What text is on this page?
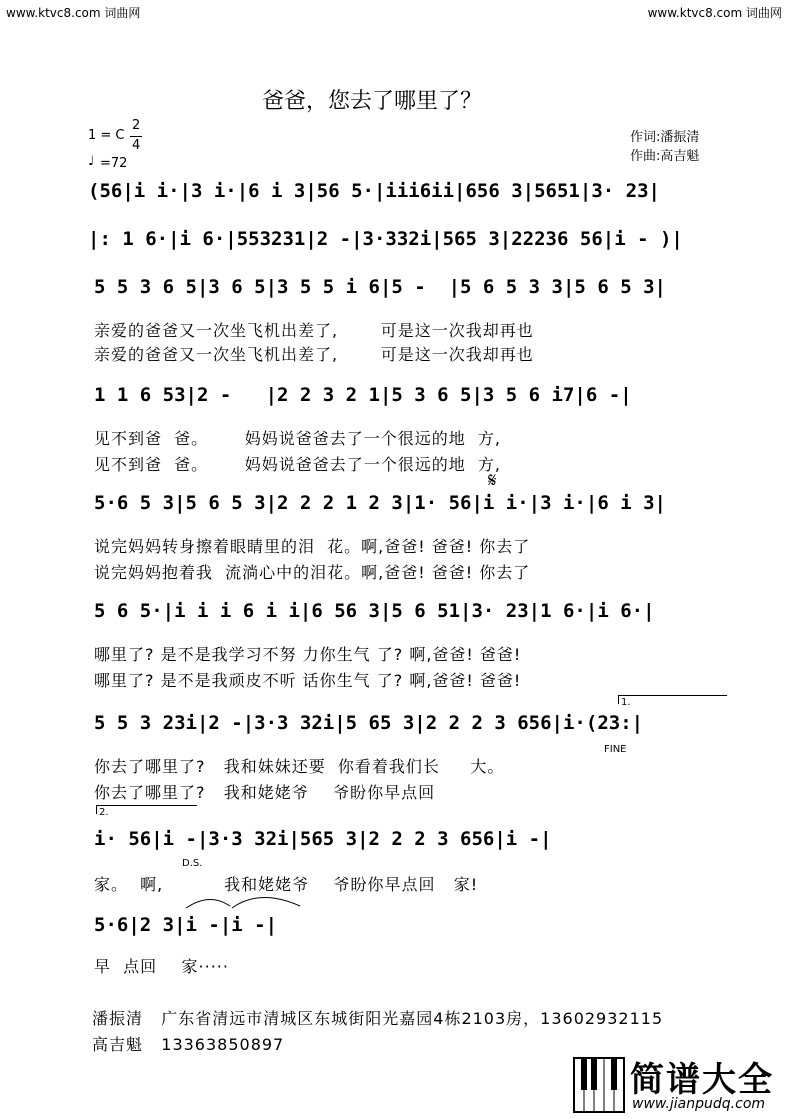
www.ktvc8.com 词曲网	www.ktvc8.com 词曲网
爸爸，您去了哪里了？
1 = C
2
4
♩ =72
作词:潘振清
作曲:高吉魁
(56|i i·|3 i·|6 i 3|56 5·|iii6ii|656 3|5651|3· 23|
|: 1 6·|i 6·|553231|2 -|3·332i|565 3|22236 56|i - )|
5 5 3 6 5|3 6 5|3 5 5 i 6|5 -  |5 6 5 3 3|5 6 5 3|
亲爱的爸爸又一次坐飞机出差了,       可是这一次我却再也
亲爱的爸爸又一次坐飞机出差了,       可是这一次我却再也
1 1 6 53|2 -   |2 2 3 2 1|5 3 6 5|3 5 6 i7|6 -|
见不到爸  爸。      妈妈说爸爸去了一个很远的地  方,
见不到爸  爸。      妈妈说爸爸去了一个很远的地  方,
𝄋
5·6 5 3|5 6 5 3|2 2 2 1 2 3|1· 56|i i·|3 i·|6 i 3|
说完妈妈转身擦着眼睛里的泪  花。啊,爸爸! 爸爸! 你去了
说完妈妈抱着我  流淌心中的泪花。啊,爸爸! 爸爸! 你去了
5 6 5·|i i i 6 i i|6 56 3|5 6 51|3· 23|1 6·|i 6·|
哪里了? 是不是我学习不努 力你生气 了? 啊,爸爸! 爸爸!
哪里了? 是不是我顽皮不听 话你生气 了? 啊,爸爸! 爸爸!
1.
5 5 3 23i|2 -|3·3 32i|5 65 3|2 2 2 3 656|i·(23:|
FINE
你去了哪里了?   我和妹妹还要  你看着我们长     大。
你去了哪里了?   我和姥姥爷    爷盼你早点回
2.
i· 56|i -|3·3 32i|565 3|2 2 2 3 656|i -|
D.S.
家。  啊,          我和姥姥爷    爷盼你早点回   家!
5·6|2 3|i -|i -|
早  点回    家·····
潘振清   广东省清远市清城区东城街阳光嘉园4栋2103房，13602932115
高吉魁   13363850897
简谱大全
www.jianpudq.com
